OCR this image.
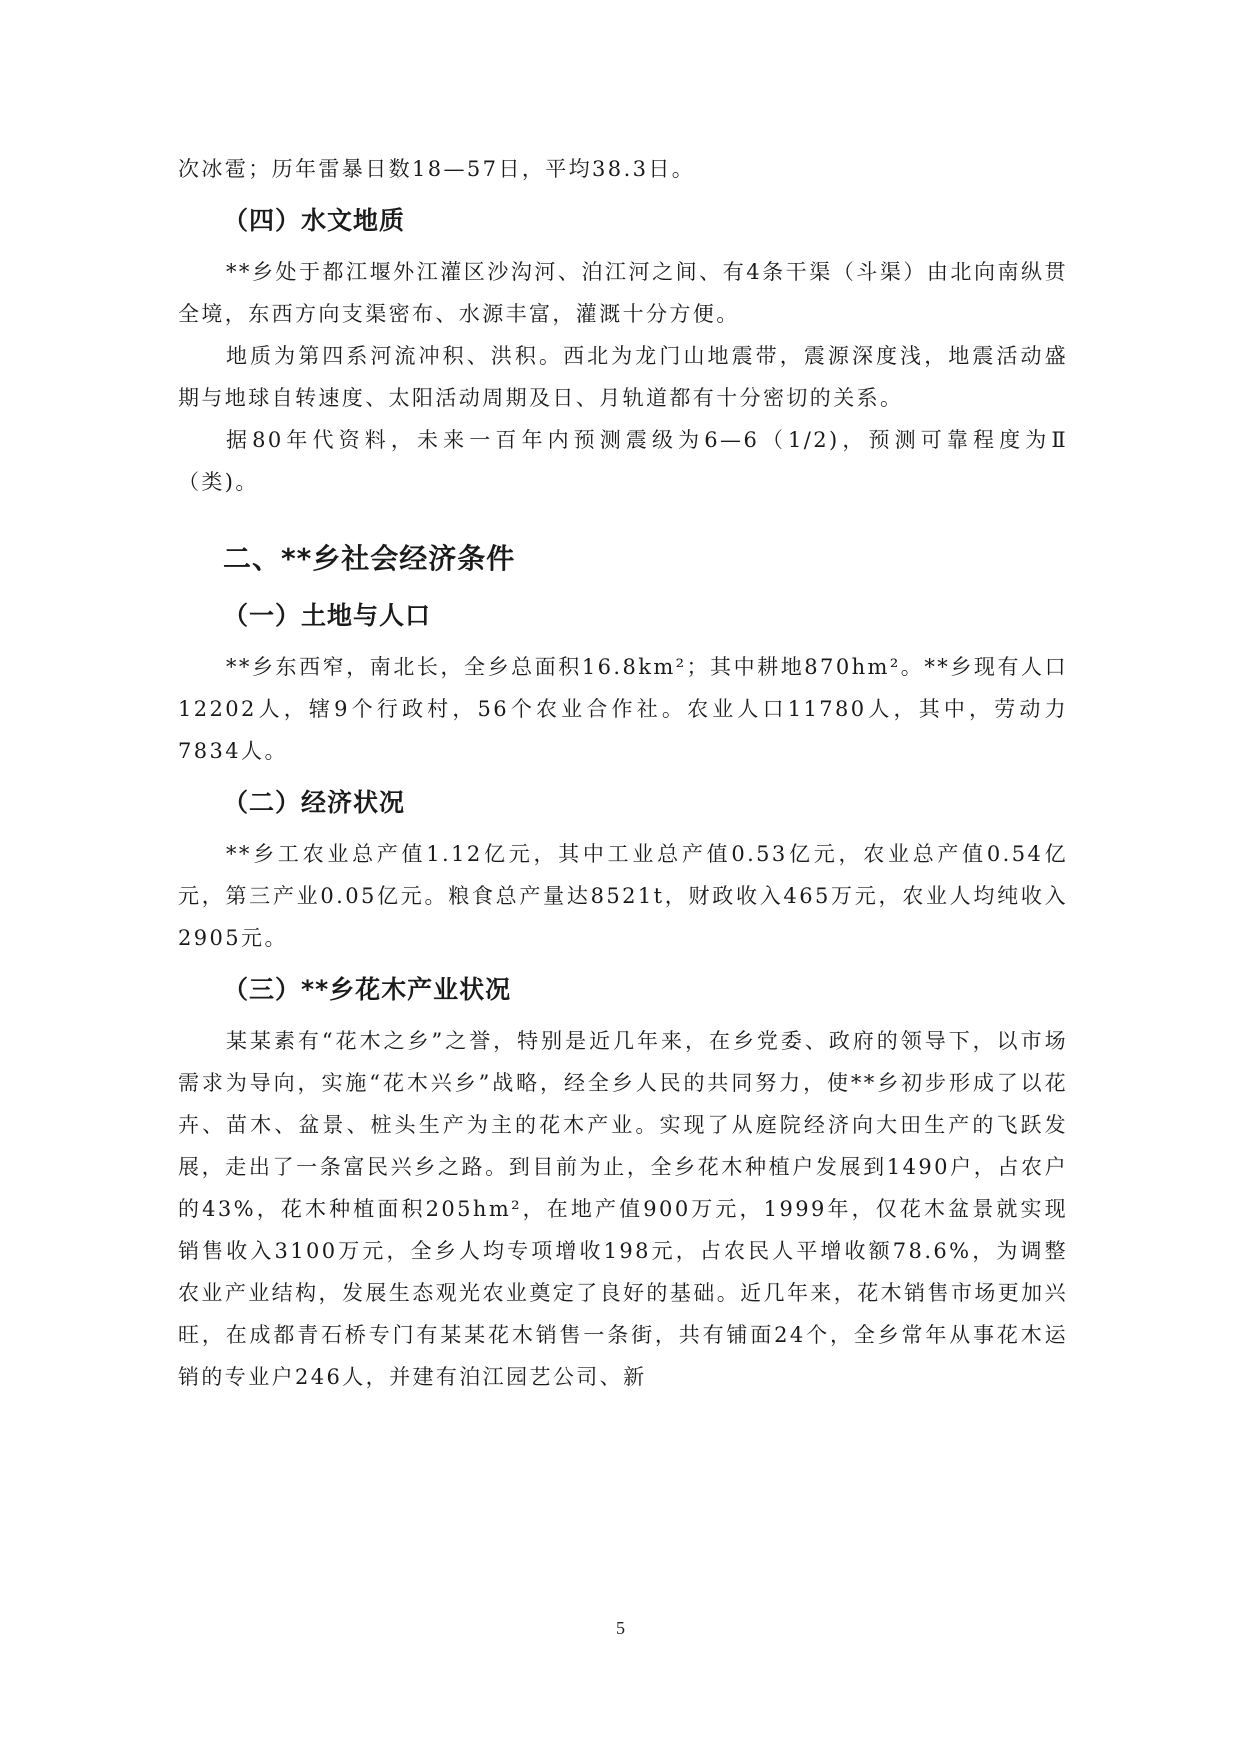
次冰雹；历年雷暴日数18—57日，平均38.3日。

（四）水文地质

**乡处于都江堰外江灌区沙沟河、泊江河之间、有4条干渠（斗渠）由北向南纵贯全境，东西方向支渠密布、水源丰富，灌溉十分方便。

地质为第四系河流冲积、洪积。西北为龙门山地震带，震源深度浅，地震活动盛期与地球自转速度、太阳活动周期及日、月轨道都有十分密切的关系。

据80年代资料，未来一百年内预测震级为6—6（1/2)，预测可靠程度为Ⅱ（类)。

二、**乡社会经济条件
（一）土地与人口

**乡东西窄，南北长，全乡总面积16.8km²；其中耕地870hm²。**乡现有人口12202人，辖9个行政村，56个农业合作社。农业人口11780人，其中，劳动力7834人。

（二）经济状况

**乡工农业总产值1.12亿元，其中工业总产值0.53亿元，农业总产值0.54亿元，第三产业0.05亿元。粮食总产量达8521t，财政收入465万元，农业人均纯收入2905元。

（三）**乡花木产业状况

某某素有“花木之乡”之誉，特别是近几年来，在乡党委、政府的领导下，以市场需求为导向，实施“花木兴乡”战略，经全乡人民的共同努力，使**乡初步形成了以花卉、苗木、盆景、桩头生产为主的花木产业。实现了从庭院经济向大田生产的飞跃发展，走出了一条富民兴乡之路。到目前为止，全乡花木种植户发展到1490户，占农户的43%，花木种植面积205hm²，在地产值900万元，1999年，仅花木盆景就实现销售收入3100万元，全乡人均专项增收198元，占农民人平增收额78.6%，为调整农业产业结构，发展生态观光农业奠定了良好的基础。近几年来，花木销售市场更加兴旺，在成都青石桥专门有某某花木销售一条街，共有铺面24个，全乡常年从事花木运销的专业户246人，并建有泊江园艺公司、新

5
